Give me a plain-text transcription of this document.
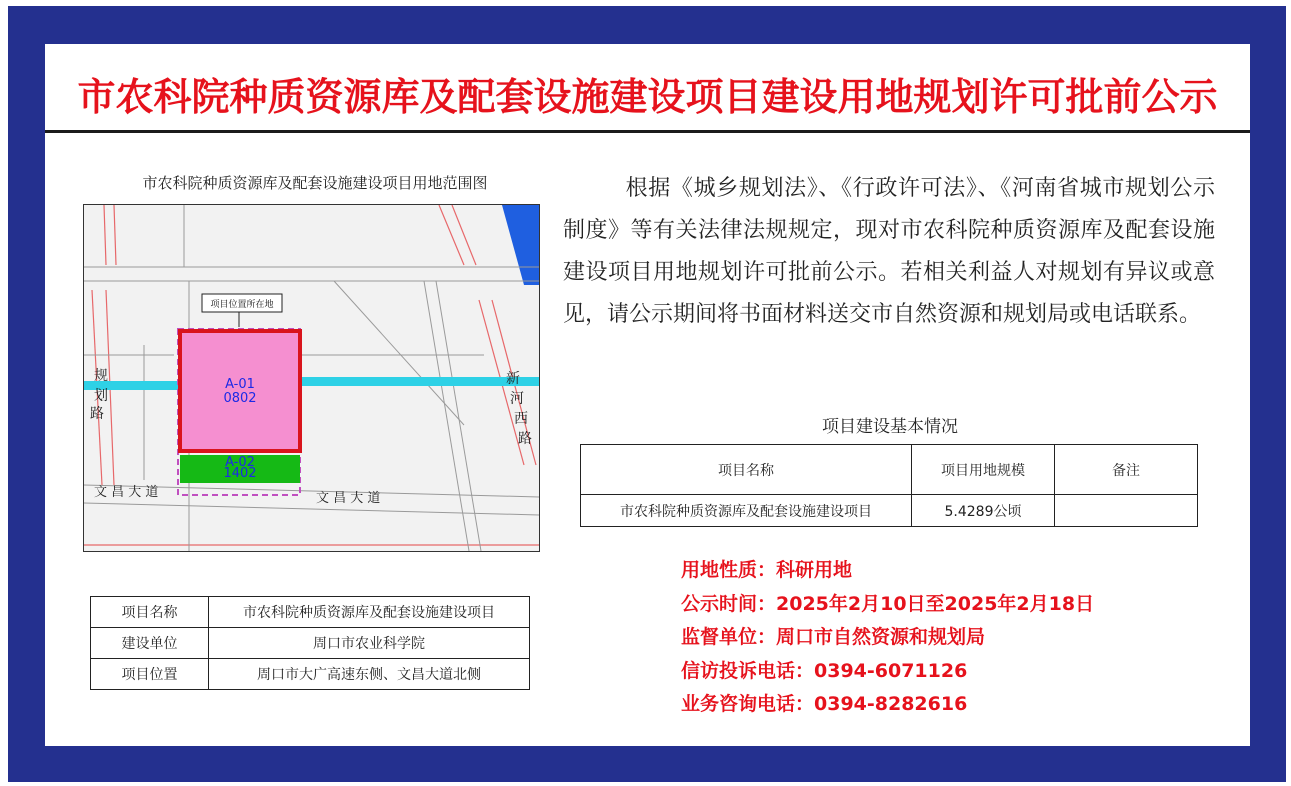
市农科院种质资源库及配套设施建设项目建设用地规划许可批前公示
市农科院种质资源库及配套设施建设项目用地范围图
A-01
0802
A-02
1402
项目位置所在地
规
划
路
新
河
西
路
文 昌 大 道	文 昌 大 道
项目名称	市农科院种质资源库及配套设施建设项目
建设单位	周口市农业科学院
项目位置	周口市大广高速东侧、文昌大道北侧
根据《城乡规划法》、《行政许可法》、《河南省城市规划公示制度》等有关法律法规规定，现对市农科院种质资源库及配套设施建设项目用地规划许可批前公示。若相关利益人对规划有异议或意见，请公示期间将书面材料送交市自然资源和规划局或电话联系。
项目建设基本情况
项目名称	项目用地规模	备注
市农科院种质资源库及配套设施建设项目	5.4289公顷	
用地性质：科研用地
公示时间：2025年2月10日至2025年2月18日
监督单位：周口市自然资源和规划局
信访投诉电话：0394-6071126
业务咨询电话：0394-8282616
